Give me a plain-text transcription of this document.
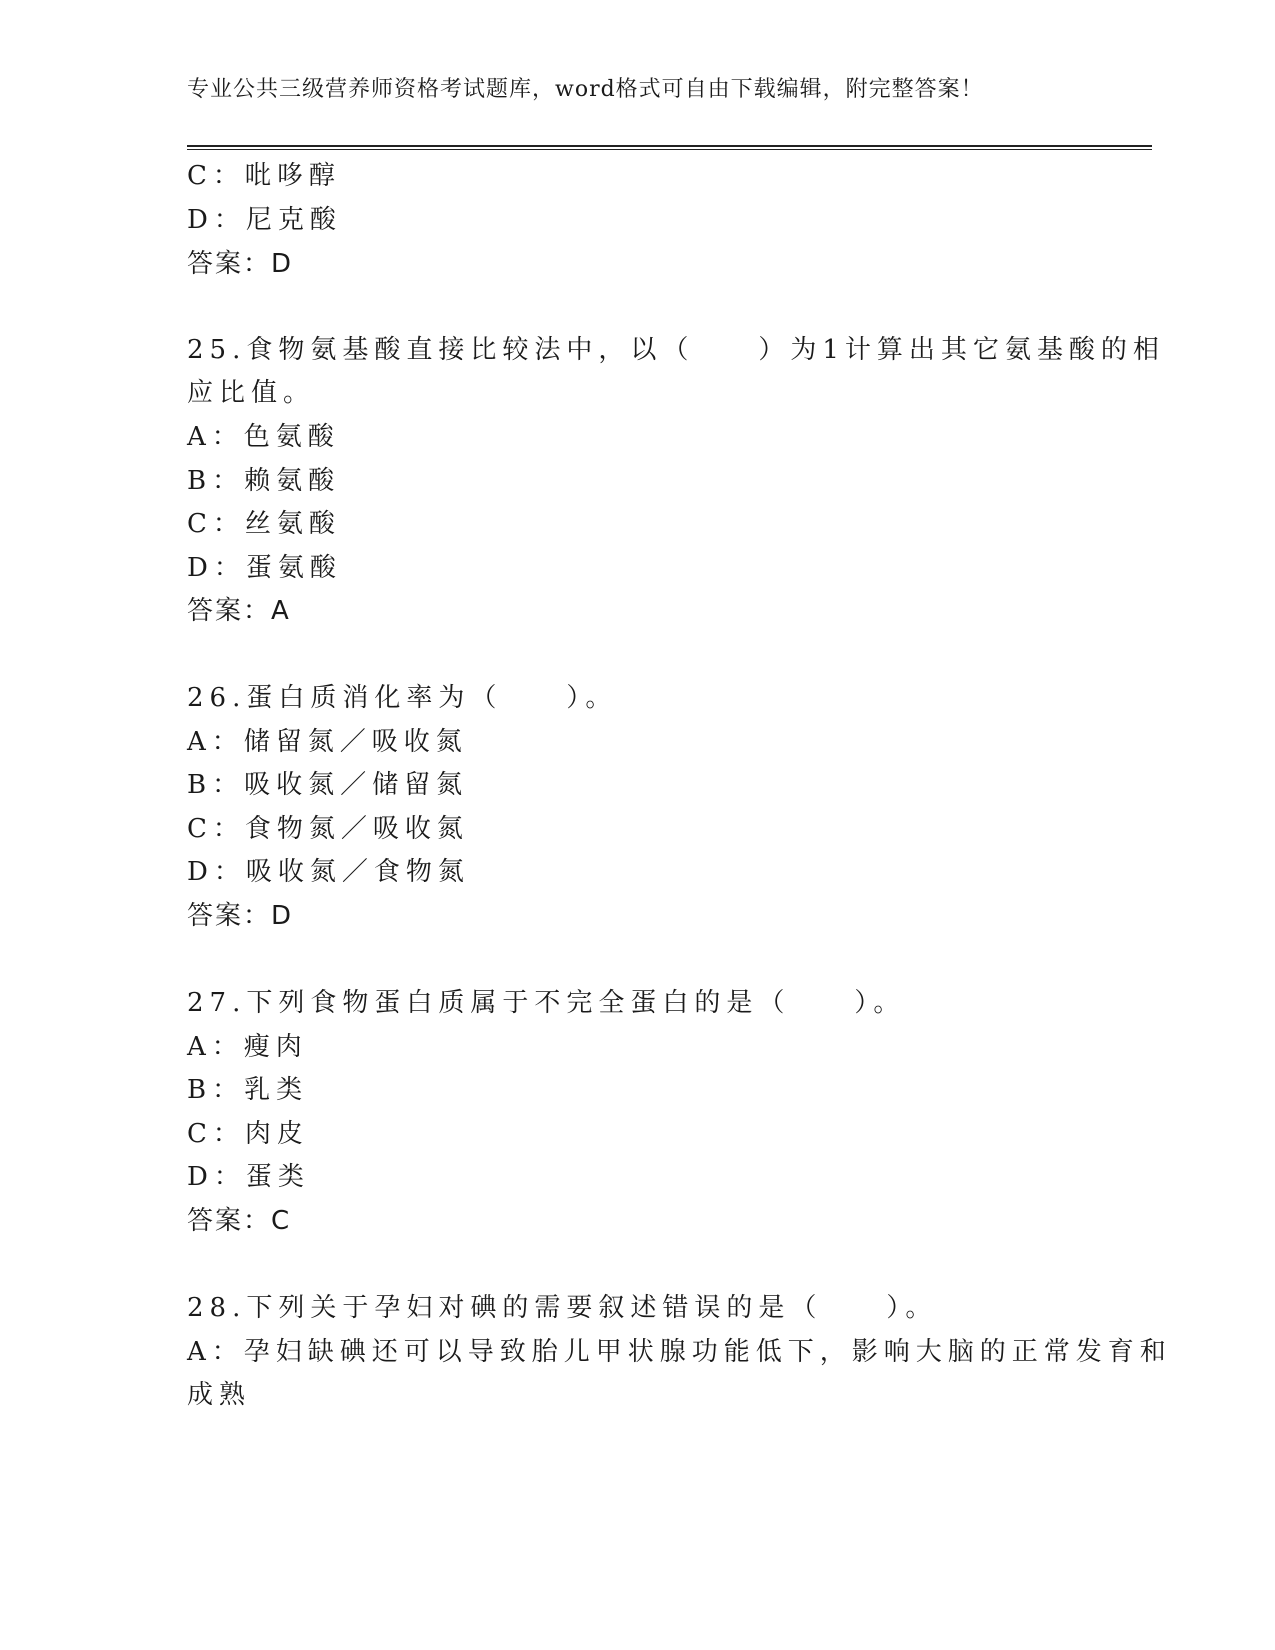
专业公共三级营养师资格考试题库，word格式可自由下载编辑，附完整答案！
C：吡哆醇
D：尼克酸
答案：D
25.食物氨基酸直接比较法中，以（　　）为1计算出其它氨基酸的相
应比值。
A：色氨酸
B：赖氨酸
C：丝氨酸
D：蛋氨酸
答案：A
26.蛋白质消化率为（　　）。
A：储留氮／吸收氮
B：吸收氮／储留氮
C：食物氮／吸收氮
D：吸收氮／食物氮
答案：D
27.下列食物蛋白质属于不完全蛋白的是（　　）。
A：瘦肉
B：乳类
C：肉皮
D：蛋类
答案：C
28.下列关于孕妇对碘的需要叙述错误的是（　　）。
A：孕妇缺碘还可以导致胎儿甲状腺功能低下，影响大脑的正常发育和
成熟
